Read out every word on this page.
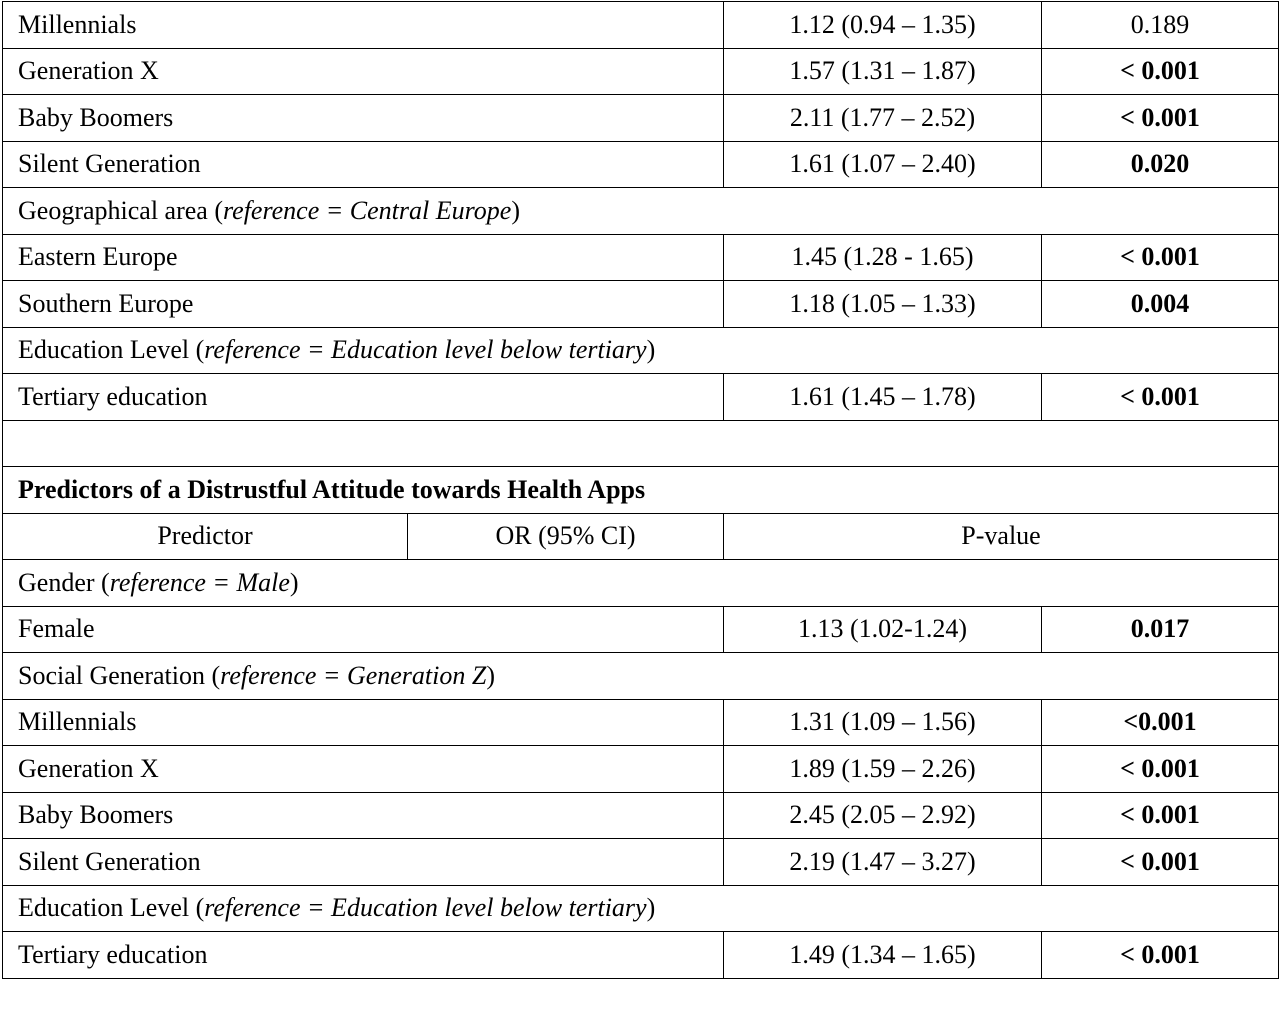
Millennials		1.12 (0.94 – 1.35)	0.189
Generation X		1.57 (1.31 – 1.87)	< 0.001
Baby Boomers		2.11 (1.77 – 2.52)	< 0.001
Silent Generation		1.61 (1.07 – 2.40)	0.020
Geographical area (reference = Central Europe)			
Eastern Europe		1.45 (1.28 - 1.65)	< 0.001
Southern Europe		1.18 (1.05 – 1.33)	0.004
Education Level (reference = Education level below tertiary)			
Tertiary education		1.61 (1.45 – 1.78)	< 0.001

Predictors of a Distrustful Attitude towards Health Apps			
Predictor	OR (95% CI)	P-value	
Gender (reference = Male)			
Female		1.13 (1.02-1.24)	0.017
Social Generation (reference = Generation Z)			
Millennials		1.31 (1.09 – 1.56)	<0.001
Generation X		1.89 (1.59 – 2.26)	< 0.001
Baby Boomers		2.45 (2.05 – 2.92)	< 0.001
Silent Generation		2.19 (1.47 – 3.27)	< 0.001
Education Level (reference = Education level below tertiary)			
Tertiary education		1.49 (1.34 – 1.65)	< 0.001
